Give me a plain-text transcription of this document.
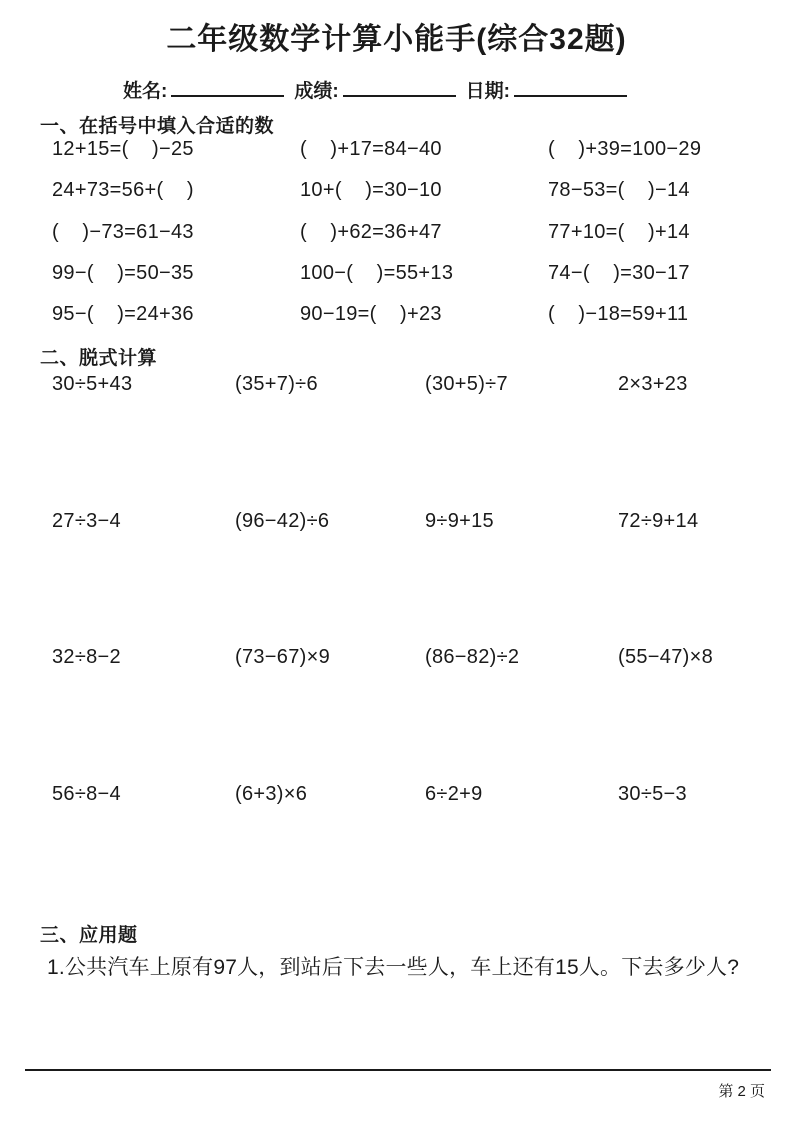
二年级数学计算小能手(综合32题)
姓名:	成绩:	日期:
一、在括号中填入合适的数
12+15=(    )−25	(    )+17=84−40	(    )+39=100−29
24+73=56+(    )	10+(    )=30−10	78−53=(    )−14
(    )−73=61−43	(    )+62=36+47	77+10=(    )+14
99−(    )=50−35	100−(    )=55+13	74−(    )=30−17
95−(    )=24+36	90−19=(    )+23	(    )−18=59+11
二、脱式计算
30÷5+43	(35+7)÷6	(30+5)÷7	2×3+23
27÷3−4	(96−42)÷6	9÷9+15	72÷9+14
32÷8−2	(73−67)×9	(86−82)÷2	(55−47)×8
56÷8−4	(6+3)×6	6÷2+9	30÷5−3
三、应用题
1.公共汽车上原有97人，到站后下去一些人，车上还有15人。下去多少人?
第 2 页
